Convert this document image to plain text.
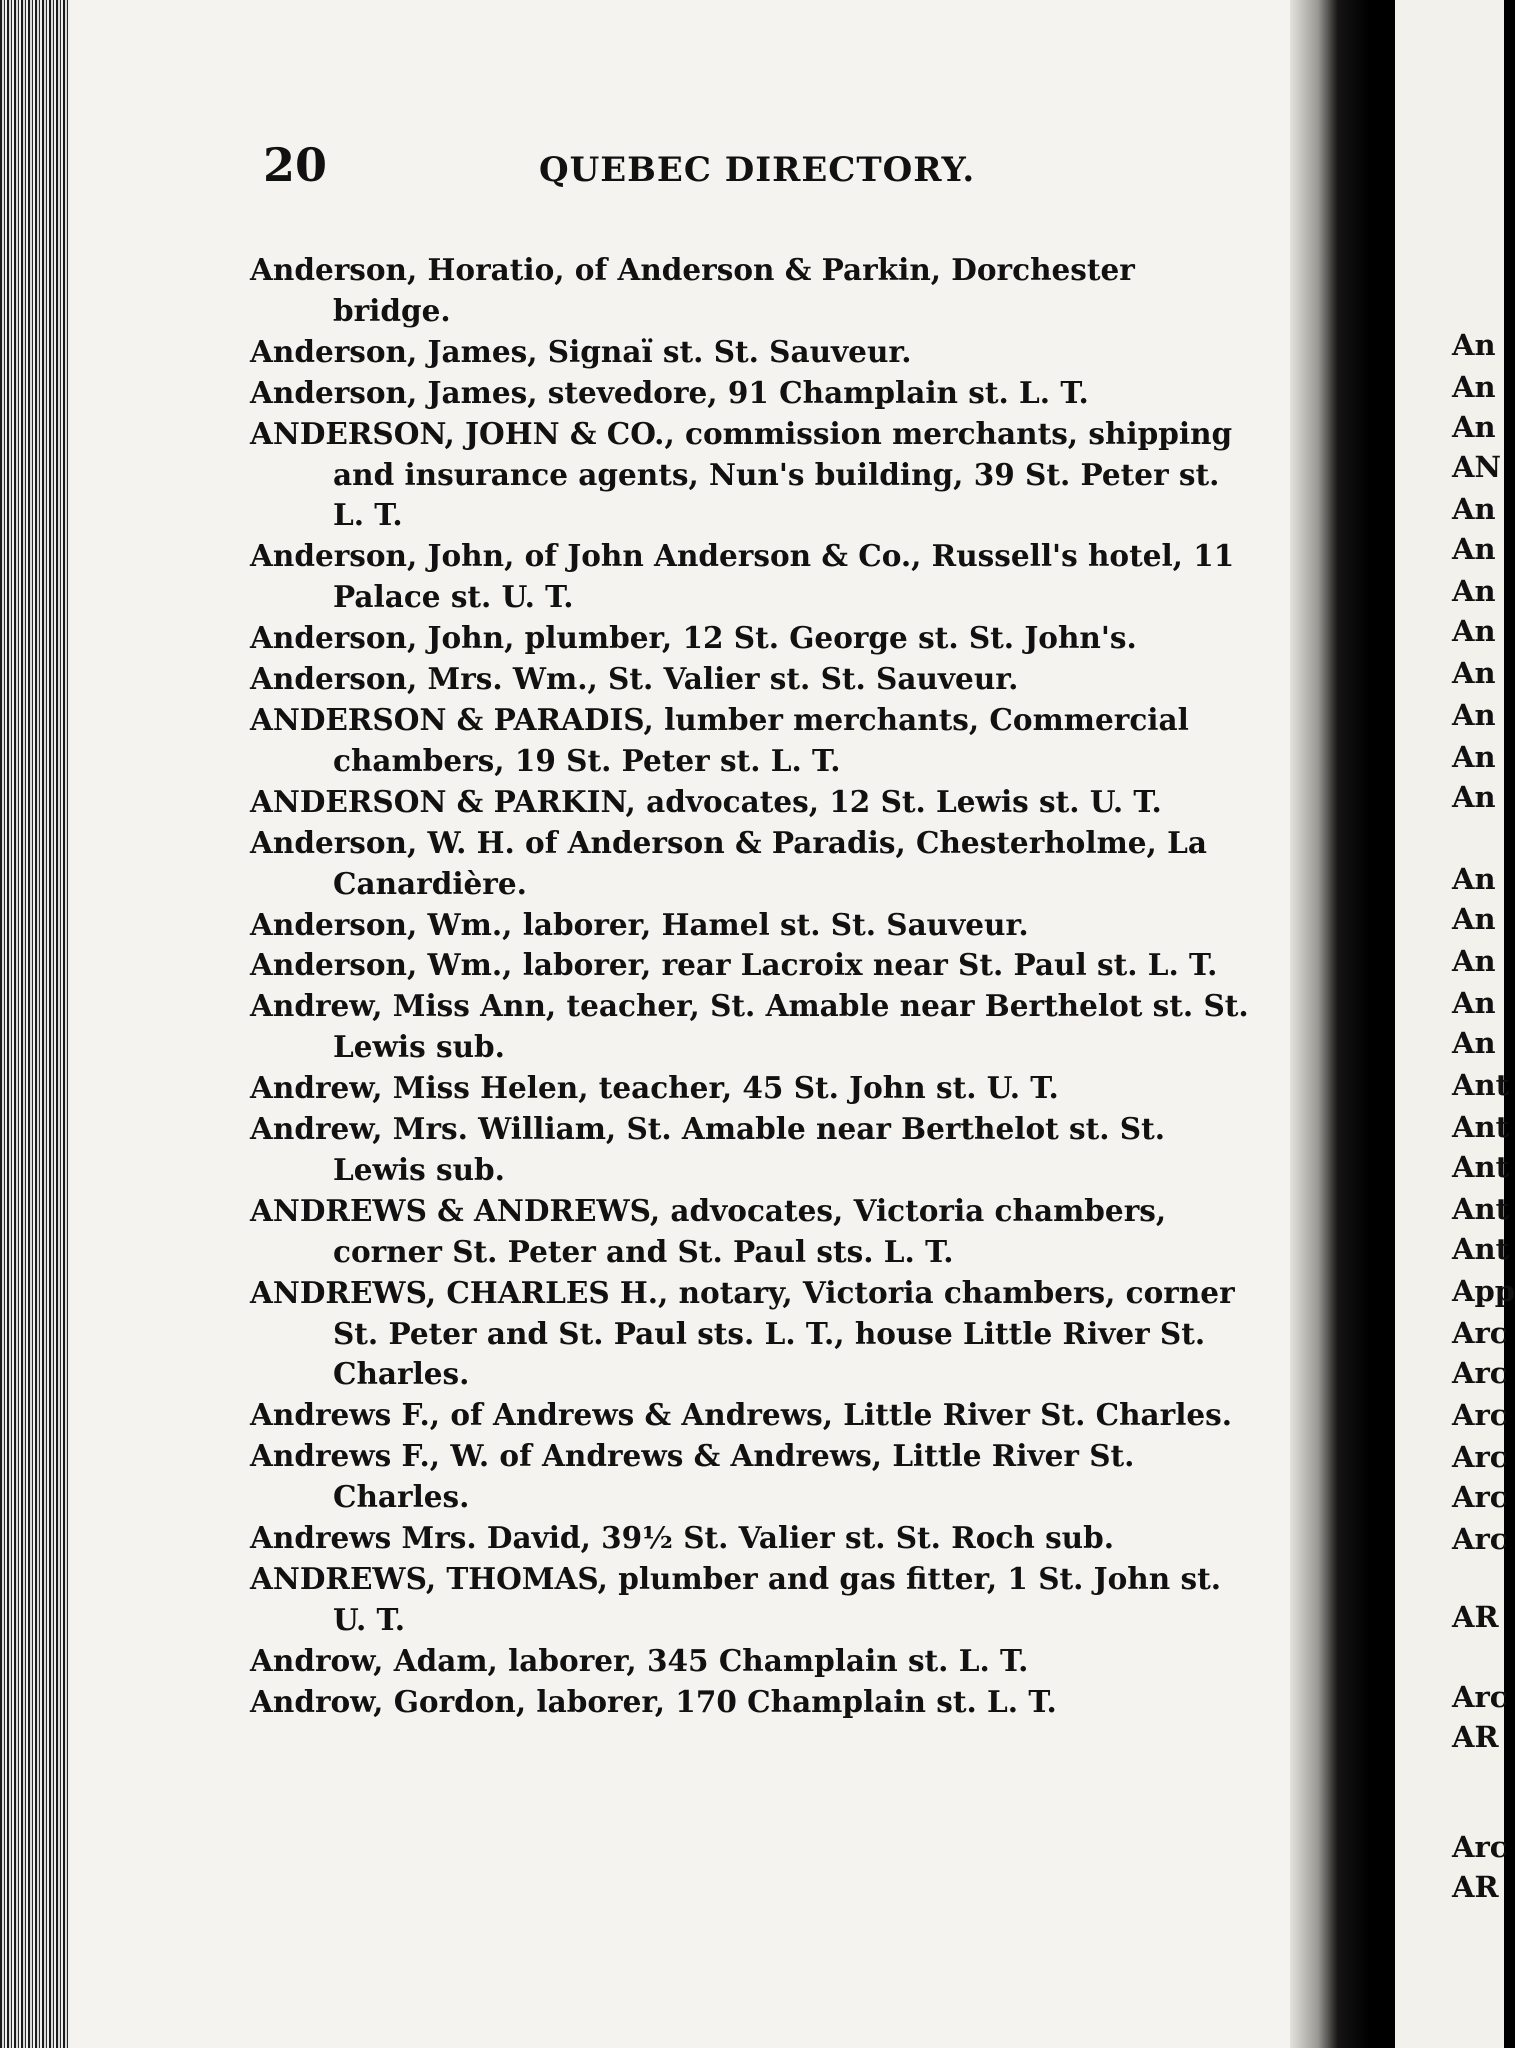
20	QUEBEC DIRECTORY.
Anderson, Horatio, of Anderson & Parkin, Dorchester bridge.
Anderson, James, Signaï st. St. Sauveur.
Anderson, James, stevedore, 91 Champlain st. L. T.
ANDERSON, JOHN & CO., commission merchants, shipping and insurance agents, Nun's building, 39 St. Peter st. L. T.
Anderson, John, of John Anderson & Co., Russell's hotel, 11 Palace st. U. T.
Anderson, John, plumber, 12 St. George st. St. John's.
Anderson, Mrs. Wm., St. Valier st. St. Sauveur.
ANDERSON & PARADIS, lumber merchants, Commercial chambers, 19 St. Peter st. L. T.
ANDERSON & PARKIN, advocates, 12 St. Lewis st. U. T.
Anderson, W. H. of Anderson & Paradis, Chesterholme, La Canardière.
Anderson, Wm., laborer, Hamel st. St. Sauveur.
Anderson, Wm., laborer, rear Lacroix near St. Paul st. L. T.
Andrew, Miss Ann, teacher, St. Amable near Berthelot st. St. Lewis sub.
Andrew, Miss Helen, teacher, 45 St. John st. U. T.
Andrew, Mrs. William, St. Amable near Berthelot st. St. Lewis sub.
ANDREWS & ANDREWS, advocates, Victoria chambers, corner St. Peter and St. Paul sts. L. T.
ANDREWS, CHARLES H., notary, Victoria chambers, corner St. Peter and St. Paul sts. L. T., house Little River St. Charles.
Andrews F., of Andrews & Andrews, Little River St. Charles.
Andrews F., W. of Andrews & Andrews, Little River St. Charles.
Andrews Mrs. David, 39½ St. Valier st. St. Roch sub.
ANDREWS, THOMAS, plumber and gas fitter, 1 St. John st. U. T.
Androw, Adam, laborer, 345 Champlain st. L. T.
Androw, Gordon, laborer, 170 Champlain st. L. T.
An
An
An
AN
An
An
An
An
An
An
An
An
An
An
An
An
An
Ant
Ant
Ant
Ant
Ant
App
Arc
Arc
Arc
Arc
Arc
Arc
AR
Arc
AR
Arc
AR
